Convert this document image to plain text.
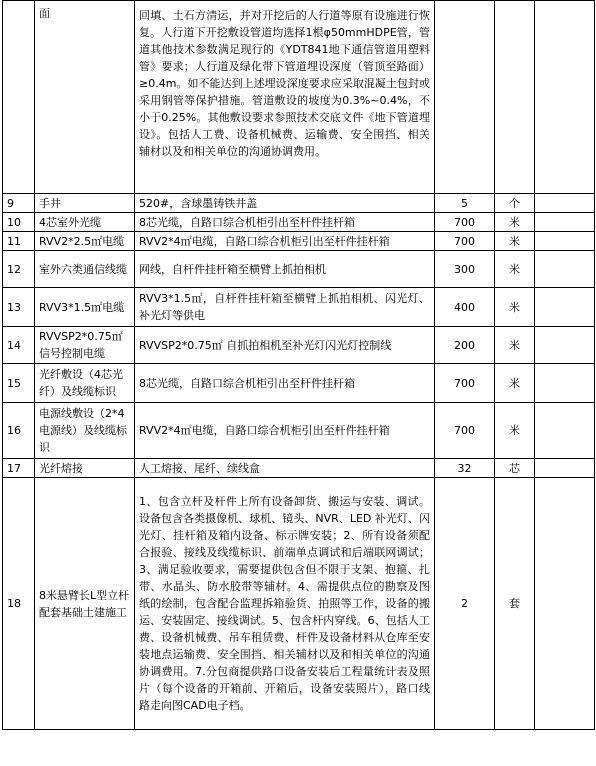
	面	回填、土石方清运，并对开挖后的人行道等原有设施进行恢复。人行道下开挖敷设管道均选择1根φ50mmHDPE管，管道其他技术参数满足现行的《YDT841地下通信管道用塑料管》要求；人行道及绿化带下管道埋设深度（管顶至路面）≥0.4m。如不能达到上述埋设深度要求应采取混凝土包封或采用钢管等保护措施。管道敷设的坡度为0.3%~0.4%，不小于0.25%。其他敷设要求参照技术交底文件《地下管道埋设》。包括人工费、设备机械费、运输费、安全围挡、相关辅材以及和相关单位的沟通协调费用。			
9	手井	520#，含球墨铸铁井盖	5	个	
10	4芯室外光缆	8芯光缆，自路口综合机柜引出至杆件挂杆箱	700	米	
11	RVV2*2.5㎡电缆	RVV2*4㎡电缆，自路口综合机柜引出至杆件挂杆箱	700	米	
12	室外六类通信线缆	网线，自杆件挂杆箱至横臂上抓拍相机	300	米	
13	RVV3*1.5㎡电缆	RVV3*1.5㎡，自杆件挂杆箱至横臂上抓拍相机、闪光灯、补光灯等供电	400	米	
14	RVVSP2*0.75㎡信号控制电缆	RVVSP2*0.75㎡ 自抓拍相机至补光灯闪光灯控制线	200	米	
15	光纤敷设（4芯光纤）及线缆标识	8芯光缆，自路口综合机柜引出至杆件挂杆箱	700	米	
16	电源线敷设（2*4电源线）及线缆标识	RVV2*4㎡电缆，自路口综合机柜引出至杆件挂杆箱	700	米	
17	光纤熔接	人工熔接、尾纤、续线盒	32	芯	
18	8米悬臂长L型立杆配套基础土建施工	1、包含立杆及杆件上所有设备卸货、搬运与安装、调试。设备包含各类摄像机、球机、镜头、NVR、LED 补光灯、闪光灯、挂杆箱及箱内设备、标示牌安装；2、所有设备须配合报验、接线及线缆标识、前端单点调试和后端联网调试；3、满足验收要求，需要提供包含但不限于支架、抱箍、扎带、水晶头、防水胶带等辅材。4、需提供点位的勘察及图纸的绘制，包含配合监理拆箱验货、拍照等工作，设备的搬运、安装固定、接线调试。5、包含杆内穿线。6、包括人工费、设备机械费、吊车租赁费、杆件及设备材料从仓库至安装地点运输费、安全围挡、相关辅材以及和相关单位的沟通协调费用。7.分包商提供路口设备安装后工程量统计表及照片（每个设备的开箱前、开箱后，设备安装照片），路口线路走向图CAD电子档。	2	套	
